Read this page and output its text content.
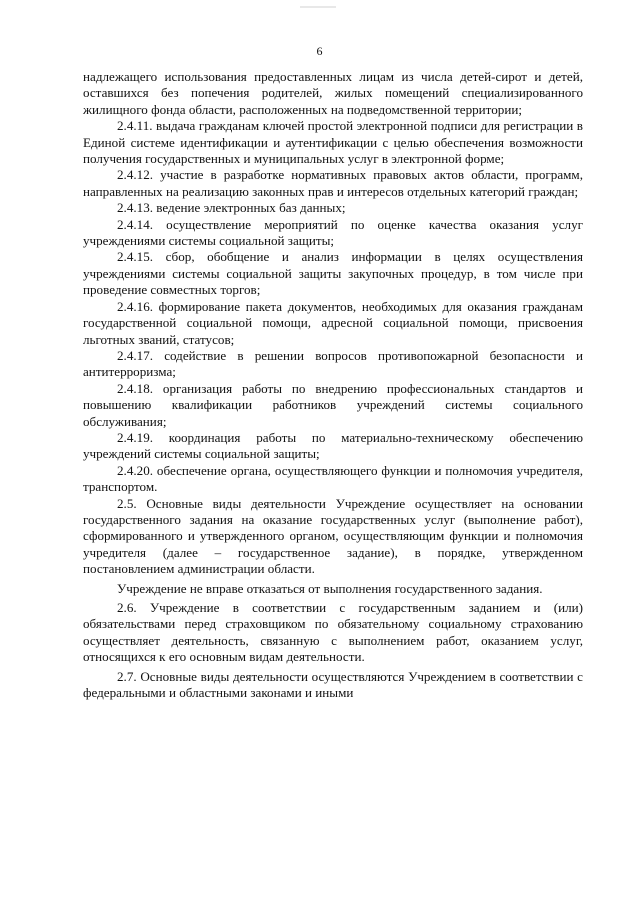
6

надлежащего использования предоставленных лицам из числа детей-сирот и детей, оставшихся без попечения родителей, жилых помещений специализированного жилищного фонда области, расположенных на подведомственной территории;

2.4.11. выдача гражданам ключей простой электронной подписи для регистрации в Единой системе идентификации и аутентификации с целью обеспечения возможности получения государственных и муниципальных услуг в электронной форме;

2.4.12. участие в разработке нормативных правовых актов области, программ, направленных на реализацию законных прав и интересов отдельных категорий граждан;

2.4.13. ведение электронных баз данных;

2.4.14. осуществление мероприятий по оценке качества оказания услуг учреждениями системы социальной защиты;

2.4.15. сбор, обобщение и анализ информации в целях осуществления учреждениями системы социальной защиты закупочных процедур, в том числе при проведение совместных торгов;

2.4.16. формирование пакета документов, необходимых для оказания гражданам государственной социальной помощи, адресной социальной помощи, присвоения льготных званий, статусов;

2.4.17. содействие в решении вопросов противопожарной безопасности и антитерроризма;

2.4.18. организация работы по внедрению профессиональных стандартов и повышению квалификации работников учреждений системы социального обслуживания;

2.4.19. координация работы по материально-техническому обеспечению учреждений системы социальной защиты;

2.4.20. обеспечение органа, осуществляющего функции и полномочия учредителя, транспортом.

2.5. Основные виды деятельности Учреждение осуществляет на основании государственного задания на оказание государственных услуг (выполнение работ), сформированного и утвержденного органом, осуществляющим функции и полномочия учредителя (далее – государственное задание), в порядке, утвержденном постановлением администрации области.

Учреждение не вправе отказаться от выполнения государственного задания.

2.6. Учреждение в соответствии с государственным заданием и (или) обязательствами перед страховщиком по обязательному социальному страхованию осуществляет деятельность, связанную с выполнением работ, оказанием услуг, относящихся к его основным видам деятельности.

2.7. Основные виды деятельности осуществляются Учреждением в соответствии с федеральными и областными законами и иными
